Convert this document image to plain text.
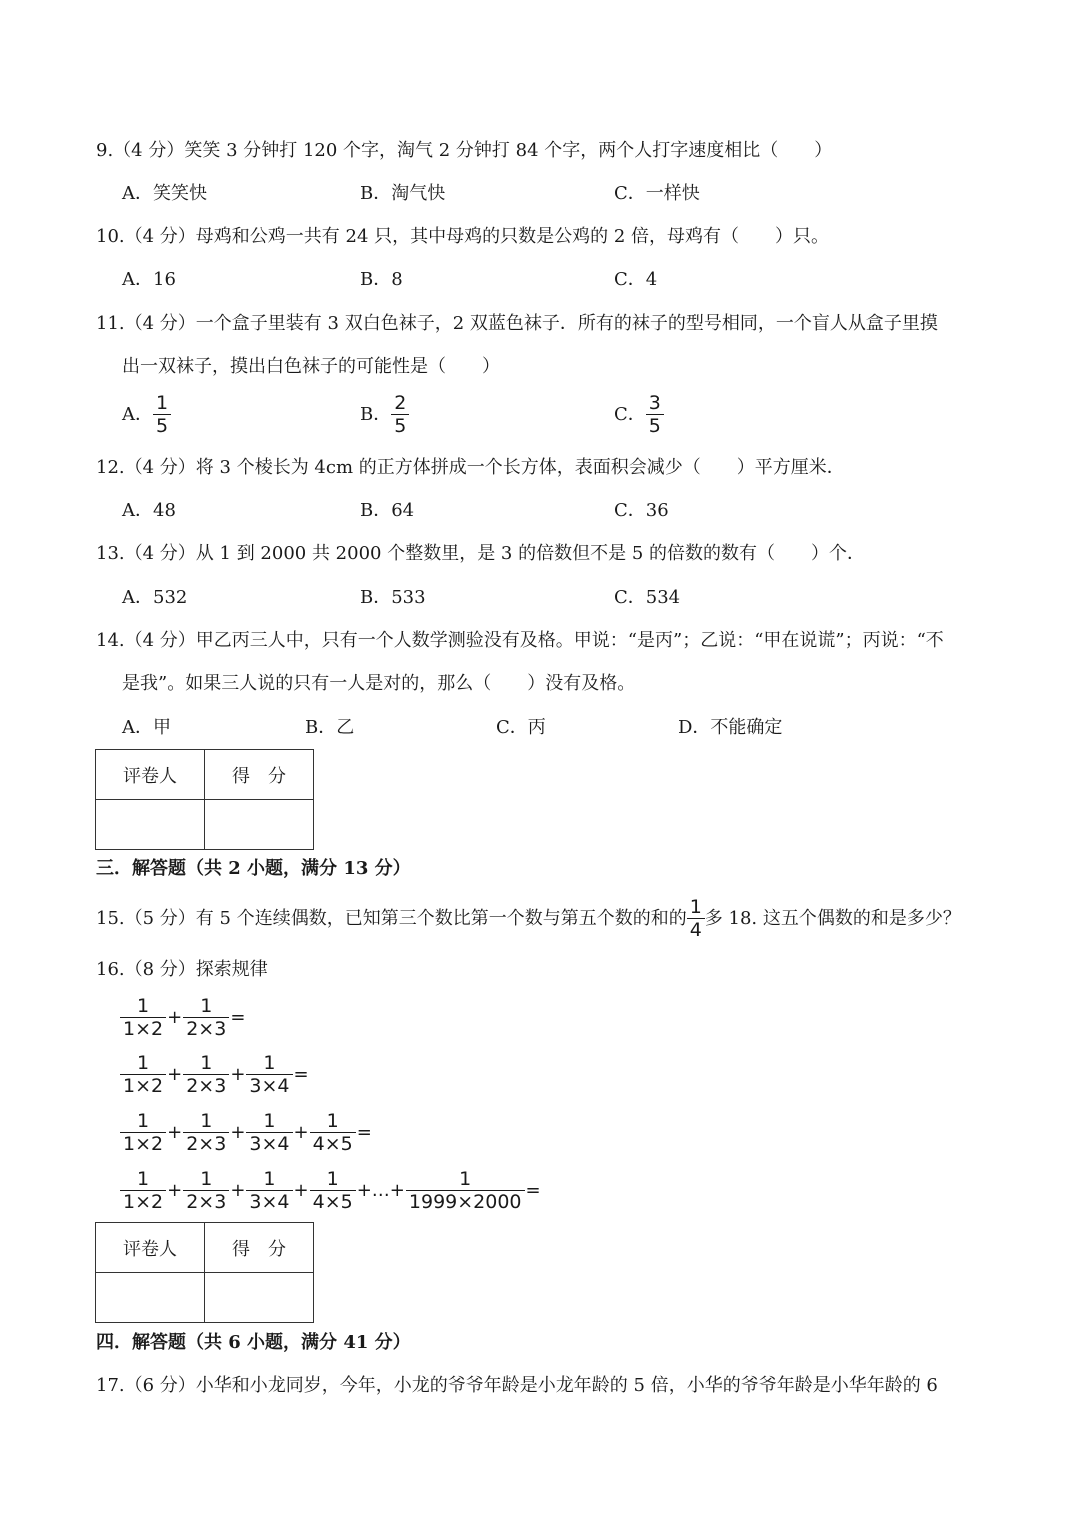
9.（4 分）笑笑 3 分钟打 120 个字，淘气 2 分钟打 84 个字，两个人打字速度相比（　　）
A．笑笑快	B．淘气快	C．一样快
10.（4 分）母鸡和公鸡一共有 24 只，其中母鸡的只数是公鸡的 2 倍，母鸡有（　　）只。
A．16	B．8	C．4
11.（4 分）一个盒子里装有 3 双白色袜子，2 双蓝色袜子．所有的袜子的型号相同，一个盲人从盒子里摸
出一双袜子，摸出白色袜子的可能性是（　　）
A． $\frac{1}{5}$	B． $\frac{2}{5}$	C． $\frac{3}{5}$
12.（4 分）将 3 个棱长为 4cm 的正方体拼成一个长方体，表面积会减少（　　）平方厘米．
A．48	B．64	C．36
13.（4 分）从 1 到 2000 共 2000 个整数里，是 3 的倍数但不是 5 的倍数的数有（　　）个．
A．532	B．533	C．534
14.（4 分）甲乙丙三人中，只有一个人数学测验没有及格。甲说：“是丙”；乙说：“甲在说谎”；丙说：“不
是我”。如果三人说的只有一人是对的，那么（　　）没有及格。
A．甲	B．乙	C．丙	D．不能确定
评卷人	得　分

三．解答题（共 2 小题，满分 13 分）
15.（5 分）有 5 个连续偶数，已知第三个数比第一个数与第五个数的和的 $\frac{1}{4}$ 多 18. 这五个偶数的和是多少？
16.（8 分）探索规律
$\frac{1}{1\times 2} + \frac{1}{2\times 3}$ =
$\frac{1}{1\times 2} + \frac{1}{2\times 3} + \frac{1}{3\times 4}$ =
$\frac{1}{1\times 2} + \frac{1}{2\times 3} + \frac{1}{3\times 4} + \frac{1}{4\times 5}$ =
$\frac{1}{1\times 2} + \frac{1}{2\times 3} + \frac{1}{3\times 4} + \frac{1}{4\times 5}$ +…+ $\frac{1}{1999\times 2000}$ =
评卷人	得　分

四．解答题（共 6 小题，满分 41 分）
17.（6 分）小华和小龙同岁，今年，小龙的爷爷年龄是小龙年龄的 5 倍，小华的爷爷年龄是小华年龄的 6
